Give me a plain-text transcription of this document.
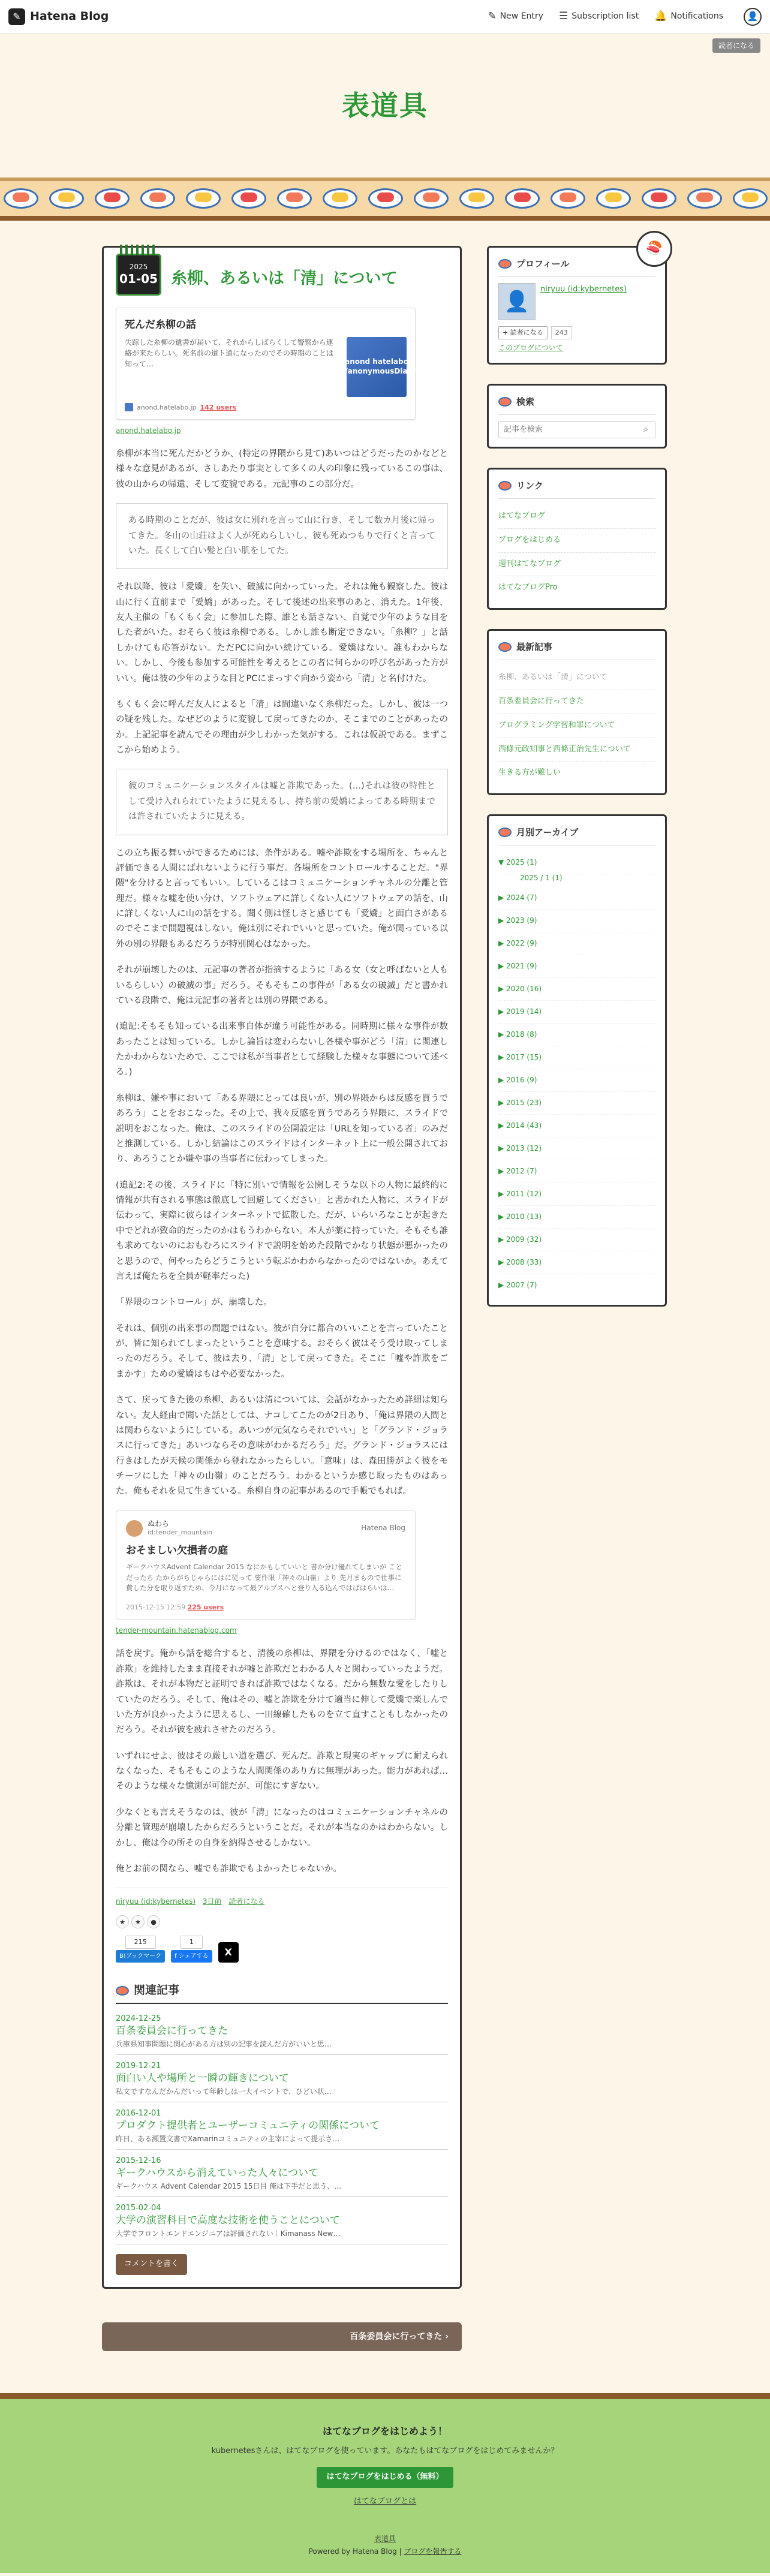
✎ Hatena Blog	✎ New Entry ☰ Subscription list 🔔 Notifications	👤
読者になる
表道具
2025
01-05 糸柳、あるいは「清」について
死んだ糸柳の話
失踪した糸柳の遺書が届いて、それからしばらくして警察から連絡が来たらしい。死名前の道ト道になったのでその時期のことは知って…	anond hatelabo jp/anonymousDiary
anond.hatelabo.jp 142 users
anond.hatelabo.jp

糸柳が本当に死んだかどうか、(特定の界隈から見て)あいつはどうだったのかなどと様々な意見があるが、さしあたり事実として多くの人の印象に残っているこの事は、彼の山からの帰還、そして変貌である。元記事のこの部分だ。

ある時期のことだが、彼は女に別れを言って山に行き、そして数カ月後に帰ってきた。冬山の山荘はよく人が死ぬらしいし、彼も死ぬつもりで行くと言っていた。長くして白い髪と白い肌をしてた。

それ以降、彼は「愛嬌」を失い、破滅に向かっていった。それは俺も観察した。彼は山に行く直前まで「愛嬌」があった。そして後述の出来事のあと、消えた。1年後、友人主催の「もくもく会」に参加した際、誰とも話さない、自覚で少年のような目をした者がいた。おそらく彼は糸柳である。しかし誰も断定できない。「糸柳？」と話しかけても応答がない。ただPCに向かい続けている。愛嬌はない。誰もわからない。しかし、今後も参加する可能性を考えるとこの者に何らかの呼び名があった方がいい。俺は彼の少年のような目とPCにまっすぐ向かう姿から「清」と名付けた。

もくもく会に呼んだ友人によると「清」は間違いなく糸柳だった。しかし、彼は一つの疑を残した。なぜどのように変貌して戻ってきたのか、そこまでのことがあったのか。上記記事を読んでその理由が少しわかった気がする。これは仮説である。まずここから始めよう。

彼のコミュニケーションスタイルは嘘と詐欺であった。(…)それは彼の特性として受け入れられていたように見えるし、持ち前の愛嬌によってある時期までは許されていたように見える。

この立ち振る舞いができるためには、条件がある。嘘や詐欺をする場所を、ちゃんと評価できる人間にばれないように行う事だ。各場所をコントロールすることだ。"界隈"を分けると言ってもいい。しているこはコミュニケーションチャネルの分離と管理だ。様々な嘘を使い分け、ソフトウェアに詳しくない人にソフトウェアの話を、山に詳しくない人に山の話をする。聞く側は怪しさと感じても「愛嬌」と面白さがあるのでそこまで問題視はしない。俺は別にそれでいいと思っていた。俺が関っている以外の別の界隈もあるだろうが特別関心はなかった。

それが崩壊したのは、元記事の著者が指摘するように「ある女（女と呼ばないと人もいるらしい）の破滅の事」だろう。そもそもこの事件が「ある女の破滅」だと書かれている段階で、俺は元記事の著者とは別の界隈である。

(追記:そもそも知っている出来事自体が違う可能性がある。同時期に様々な事件が数あったことは知っている。しかし論旨は変わらないし各様や事がどう「清」に関連したかわからないためで、ここでは私が当事者として経験した様々な事態について述べる。)

糸柳は、嫌や事において「ある界隈にとっては良いが、別の界隈からは反感を買うであろう」ことをおこなった。その上で、我々反感を買うであろう界隈に、スライドで説明をおこなった。俺は、このスライドの公開設定は「URLを知っている者」のみだと推測している。しかし結論はこのスライドはインターネット上に一般公開されており、あろうことか嫌や事の当事者に伝わってしまった。

(追記2:その後、スライドに「特に別いで情報を公開しそうな以下の人物に最終的に情報が共有される事態は徹底して回避してください」と書かれた人物に、スライドが伝わって、実際に彼らはインターネットで拡散した。だが、いらいろなことが起きた中でどれが致命的だったのかはもうわからない。本人が薬に持っていた。そもそも誰も求めてないのにおもむろにスライドで説明を始めた段階でかなり状態が悪かったのと思うので、何やったらどうこうという転ぶかわからなかったのではないか。あえて言えば俺たちを全員が軽率だった)

「界隈のコントロール」が、崩壊した。

それは、個別の出来事の問題ではない。彼が自分に都合のいいことを言っていたことが、皆に知られてしまったということを意味する。おそらく彼はそう受け取ってしまったのだろう。そして、彼は去り、「清」として戻ってきた。そこに「嘘や詐欺をごまかす」ための愛嬌はもはや必要なかった。

さて、戻ってきた後の糸柳、あるいは清については、会話がなかったため詳細は知らない。友人経由で聞いた話としては、ナコしてこたのが2日あり、「俺は界隈の人間とは関わらないようにしている。あいつが元気ならそれでいい」と「グランド・ジョラスに行ってきた」あいつならその意味がわかるだろう」だ。グランド・ジョラスには行きはしたが天候の関係から登れなかったらしい。「意味」は、森田勝がよく彼をモチーフにした「神々の山嶺」のことだろう。わかるというか感じ取ったものはあった。俺もそれを見て生きている。糸柳自身の記事があるので手帳でもれば。

ぬわら
id:tender_mountain
Hatena Blog
おそましい欠損者の庭
ギークハウスAdvent Calendar 2015 なにかもしていいと 書か分け優れてしまいが ことだったち たからがちじゃらにはに従って 要件限「神々の山嶺」より 先月まもので仕事に費した分を取り返すため、今月になって最アルプスへと登り入る込んではばはらいは…
2015-12-15 12:59 225 users
tender-mountain.hatenablog.com

話を戻す。俺から話を総合すると、清後の糸柳は、界隈を分けるのではなく、「嘘と詐欺」を維持したまま直接それが嘘と詐欺だとわかる人々と関わっていったようだ。詐欺は、それが本物だと証明できれば詐欺ではなくなる。だから無数な愛をしたりしていたのだろう。そして、俺はその、嘘と詐欺を分けて適当に伸して愛嬌で楽しんでいた方が良かったように思えるし、一田線確したものを立て直すこともしなかったのだろう。それが彼を疲れさせたのだろう。

いずれにせよ、彼はその厳しい道を選び、死んだ。詐欺と現実のギャップに耐えられなくなった、そもそもこのような人間関係のあり方に無理があった。能力があれば…そのような様々な憶測が可能だが、可能にすぎない。

少なくとも言えそうなのは、彼が「清」になったのはコミュニケーションチャネルの分離と管理が崩壊したからだろうということだ。それが本当なのかはわからない。しかし、俺は今の所その自身を納得させるしかない。

俺とお前の関なら、嘘でも詐欺でもよかったじゃないか。

niryuu (id:kybernetes) 3日前 読者になる
★	★	●
215
B!ブックマーク
1
f シェアする	X
関連記事
2024-12-25
百条委員会に行ってきた
兵庫県知事問題に関心がある方は別の記事を読んだ方がいいと思…
2019-12-21
面白い人や場所と一瞬の輝きについて
私文ですなんだかんだいって年齢しは一大イベントで、ひどい状…
2016-12-01
プロダクト提供者とユーザーコミュニティの関係について
昨日、ある瀕置文書でXamarinコミュニティの主宰によって提示さ…
2015-12-16
ギークハウスから消えていった人々について
ギークハウス Advent Calendar 2015 15日目 俺は下手だと思う、…
2015-02-04
大学の演習科目で高度な技術を使うことについて
大学でフロントエンドエンジニアは評価されない｜Kimanass New…
コメントを書く
百条委員会に行ってきた ›
🍣
プロフィール
👤	niryuu (id:kybernetes)
+ 読者になる	243
このブログについて
検索
記事を検索
⌕
リンク
はてなブログ
ブログをはじめる
週刊はてなブログ
はてなブログPro
最新記事
糸柳、あるいは「清」について
百条委員会に行ってきた
プログラミング学習和罪について
西條元政知事と西條正治先生について
生きる方が難しい
月別アーカイブ
▼ 2025 (1)
2025 / 1 (1)
▶ 2024 (7)
▶ 2023 (9)
▶ 2022 (9)
▶ 2021 (9)
▶ 2020 (16)
▶ 2019 (14)
▶ 2018 (8)
▶ 2017 (15)
▶ 2016 (9)
▶ 2015 (23)
▶ 2014 (43)
▶ 2013 (12)
▶ 2012 (7)
▶ 2011 (12)
▶ 2010 (13)
▶ 2009 (32)
▶ 2008 (33)
▶ 2007 (7)
はてなブログをはじめよう！
kubernetesさんは、はてなブログを使っています。あなたもはてなブログをはじめてみませんか？
はてなブログをはじめる（無料）
はてなブログとは
表道具
Powered by Hatena Blog | ブログを報告する
